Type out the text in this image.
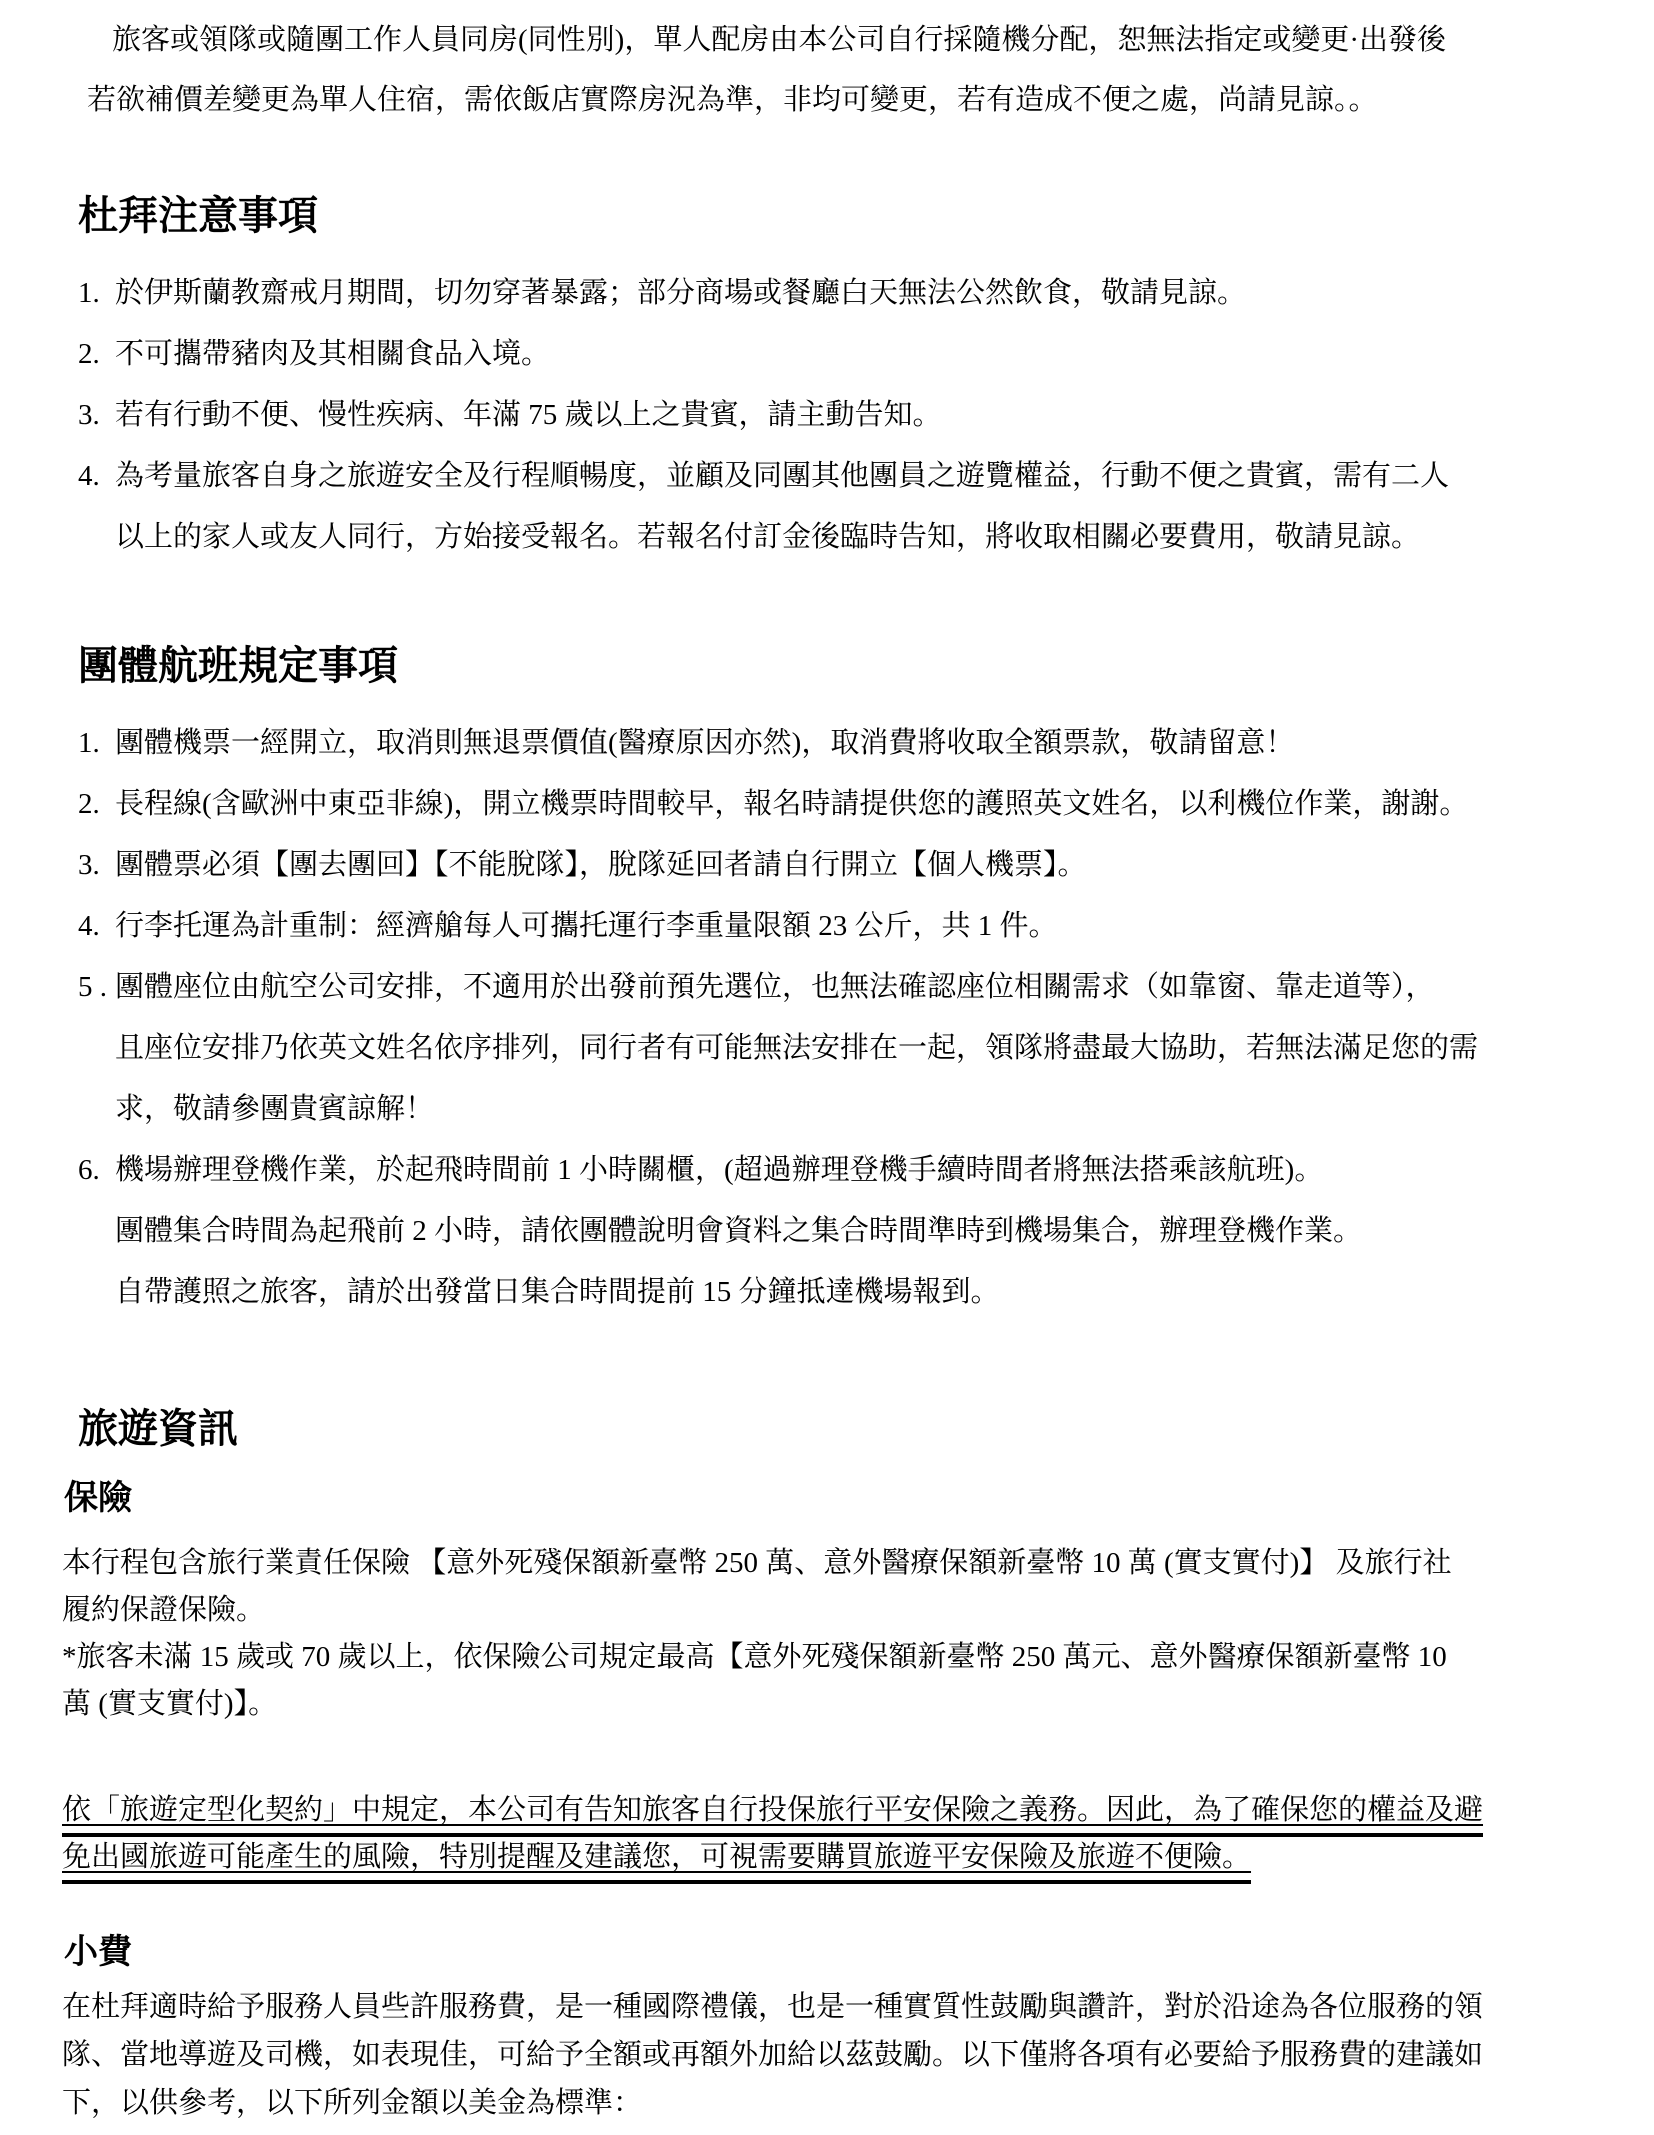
旅客或領隊或隨團工作人員同房(同性別)，單人配房由本公司自行採隨機分配，恕無法指定或變更·出發後
若欲補價差變更為單人住宿，需依飯店實際房況為準，非均可變更，若有造成不便之處，尚請見諒。。
杜拜注意事項
1. 於伊斯蘭教齋戒月期間，切勿穿著暴露；部分商場或餐廳白天無法公然飲食，敬請見諒。
2. 不可攜帶豬肉及其相關食品入境。
3. 若有行動不便、慢性疾病、年滿 75 歲以上之貴賓，請主動告知。
4. 為考量旅客自身之旅遊安全及行程順暢度，並顧及同團其他團員之遊覽權益，行動不便之貴賓，需有二人
以上的家人或友人同行，方始接受報名。若報名付訂金後臨時告知，將收取相關必要費用，敬請見諒。
團體航班規定事項
1. 團體機票一經開立，取消則無退票價值(醫療原因亦然)，取消費將收取全額票款，敬請留意！
2. 長程線(含歐洲中東亞非線)，開立機票時間較早，報名時請提供您的護照英文姓名，以利機位作業，謝謝。
3. 團體票必須【團去團回】【不能脫隊】，脫隊延回者請自行開立【個人機票】。
4. 行李托運為計重制：經濟艙每人可攜托運行李重量限額 23 公斤，共 1 件。
5 . 團體座位由航空公司安排，不適用於出發前預先選位，也無法確認座位相關需求（如靠窗、靠走道等），
且座位安排乃依英文姓名依序排列，同行者有可能無法安排在一起，領隊將盡最大協助，若無法滿足您的需
求，敬請參團貴賓諒解！
6. 機場辦理登機作業，於起飛時間前 1 小時關櫃，(超過辦理登機手續時間者將無法搭乘該航班)。
團體集合時間為起飛前 2 小時，請依團體說明會資料之集合時間準時到機場集合，辦理登機作業。
自帶護照之旅客，請於出發當日集合時間提前 15 分鐘抵達機場報到。
旅遊資訊
保險
本行程包含旅行業責任保險 【意外死殘保額新臺幣 250 萬、意外醫療保額新臺幣 10 萬 (實支實付)】 及旅行社
履約保證保險。
*旅客未滿 15 歲或 70 歲以上，依保險公司規定最高【意外死殘保額新臺幣 250 萬元、意外醫療保額新臺幣 10
萬 (實支實付)】。
依「旅遊定型化契約」中規定，本公司有告知旅客自行投保旅行平安保險之義務。因此，為了確保您的權益及避
免出國旅遊可能產生的風險，特別提醒及建議您，可視需要購買旅遊平安保險及旅遊不便險。
小費
在杜拜適時給予服務人員些許服務費，是一種國際禮儀，也是一種實質性鼓勵與讚許，對於沿途為各位服務的領
隊、當地導遊及司機，如表現佳，可給予全額或再額外加給以茲鼓勵。以下僅將各項有必要給予服務費的建議如
下，以供參考，以下所列金額以美金為標準：
